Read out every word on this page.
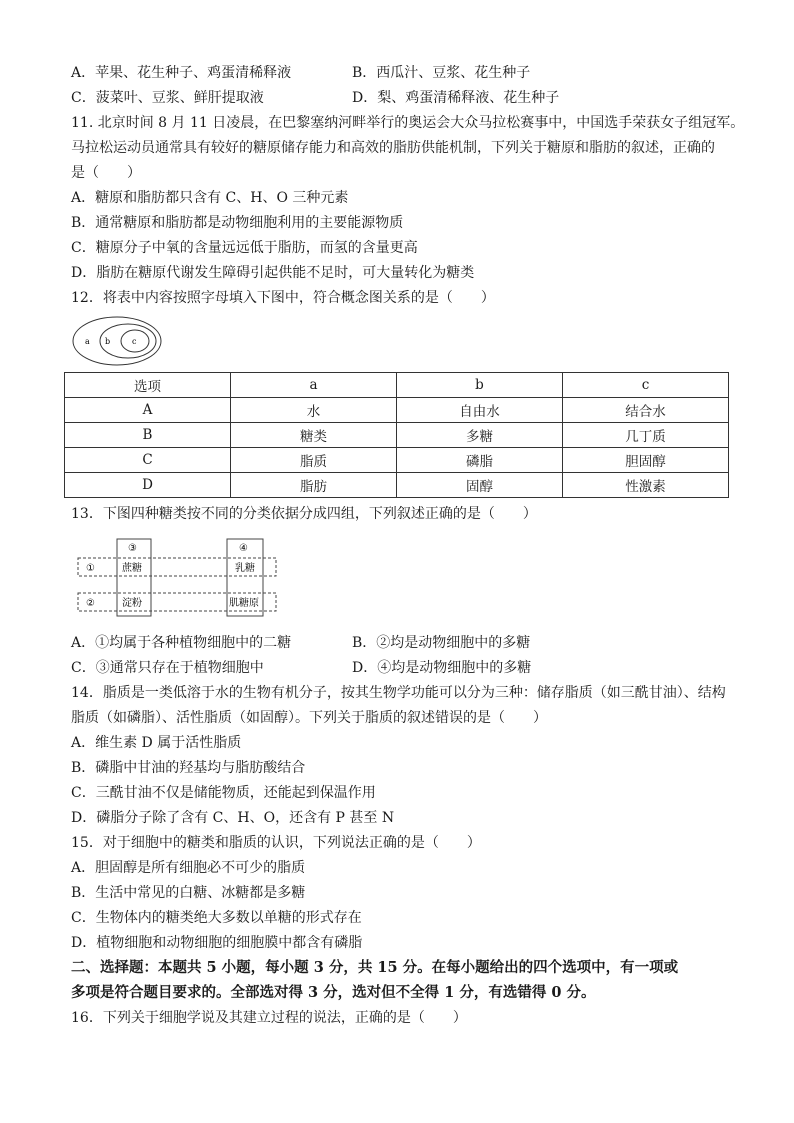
A．苹果、花生种子、鸡蛋清稀释液	B．西瓜汁、豆浆、花生种子
C．菠菜叶、豆浆、鲜肝提取液	D．梨、鸡蛋清稀释液、花生种子
11. 北京时间 8 月 11 日凌晨，在巴黎塞纳河畔举行的奥运会大众马拉松赛事中，中国选手荣获女子组冠军。
马拉松运动员通常具有较好的糖原储存能力和高效的脂肪供能机制，下列关于糖原和脂肪的叙述，正确的
是（　　）
A．糖原和脂肪都只含有 C、H、O 三种元素
B．通常糖原和脂肪都是动物细胞利用的主要能源物质
C．糖原分子中氧的含量远远低于脂肪，而氢的含量更高
D．脂肪在糖原代谢发生障碍引起供能不足时，可大量转化为糖类
12．将表中内容按照字母填入下图中，符合概念图关系的是（　　）
a b	c
选项	a	b	c
A	水	自由水	结合水
B	糖类	多糖	几丁质
C	脂质	磷脂	胆固醇
D	脂肪	固醇	性激素
13．下图四种糖类按不同的分类依据分成四组，下列叙述正确的是（　　）
①
②
③	④
蔗糖	乳糖
淀粉	肌糖原
A．①均属于各种植物细胞中的二糖	B．②均是动物细胞中的多糖
C．③通常只存在于植物细胞中	D．④均是动物细胞中的多糖
14．脂质是一类低溶于水的生物有机分子，按其生物学功能可以分为三种：储存脂质（如三酰甘油）、结构
脂质（如磷脂）、活性脂质（如固醇）。下列关于脂质的叙述错误的是（　　）
A．维生素 D 属于活性脂质
B．磷脂中甘油的羟基均与脂肪酸结合
C．三酰甘油不仅是储能物质，还能起到保温作用
D．磷脂分子除了含有 C、H、O，还含有 P 甚至 N
15．对于细胞中的糖类和脂质的认识，下列说法正确的是（　　）
A．胆固醇是所有细胞必不可少的脂质
B．生活中常见的白糖、冰糖都是多糖
C．生物体内的糖类绝大多数以单糖的形式存在
D．植物细胞和动物细胞的细胞膜中都含有磷脂
二、选择题：本题共 5 小题，每小题 3 分，共 15 分。在每小题给出的四个选项中，有一项或
多项是符合题目要求的。全部选对得 3 分，选对但不全得 1 分，有选错得 0 分。
16．下列关于细胞学说及其建立过程的说法，正确的是（　　）
